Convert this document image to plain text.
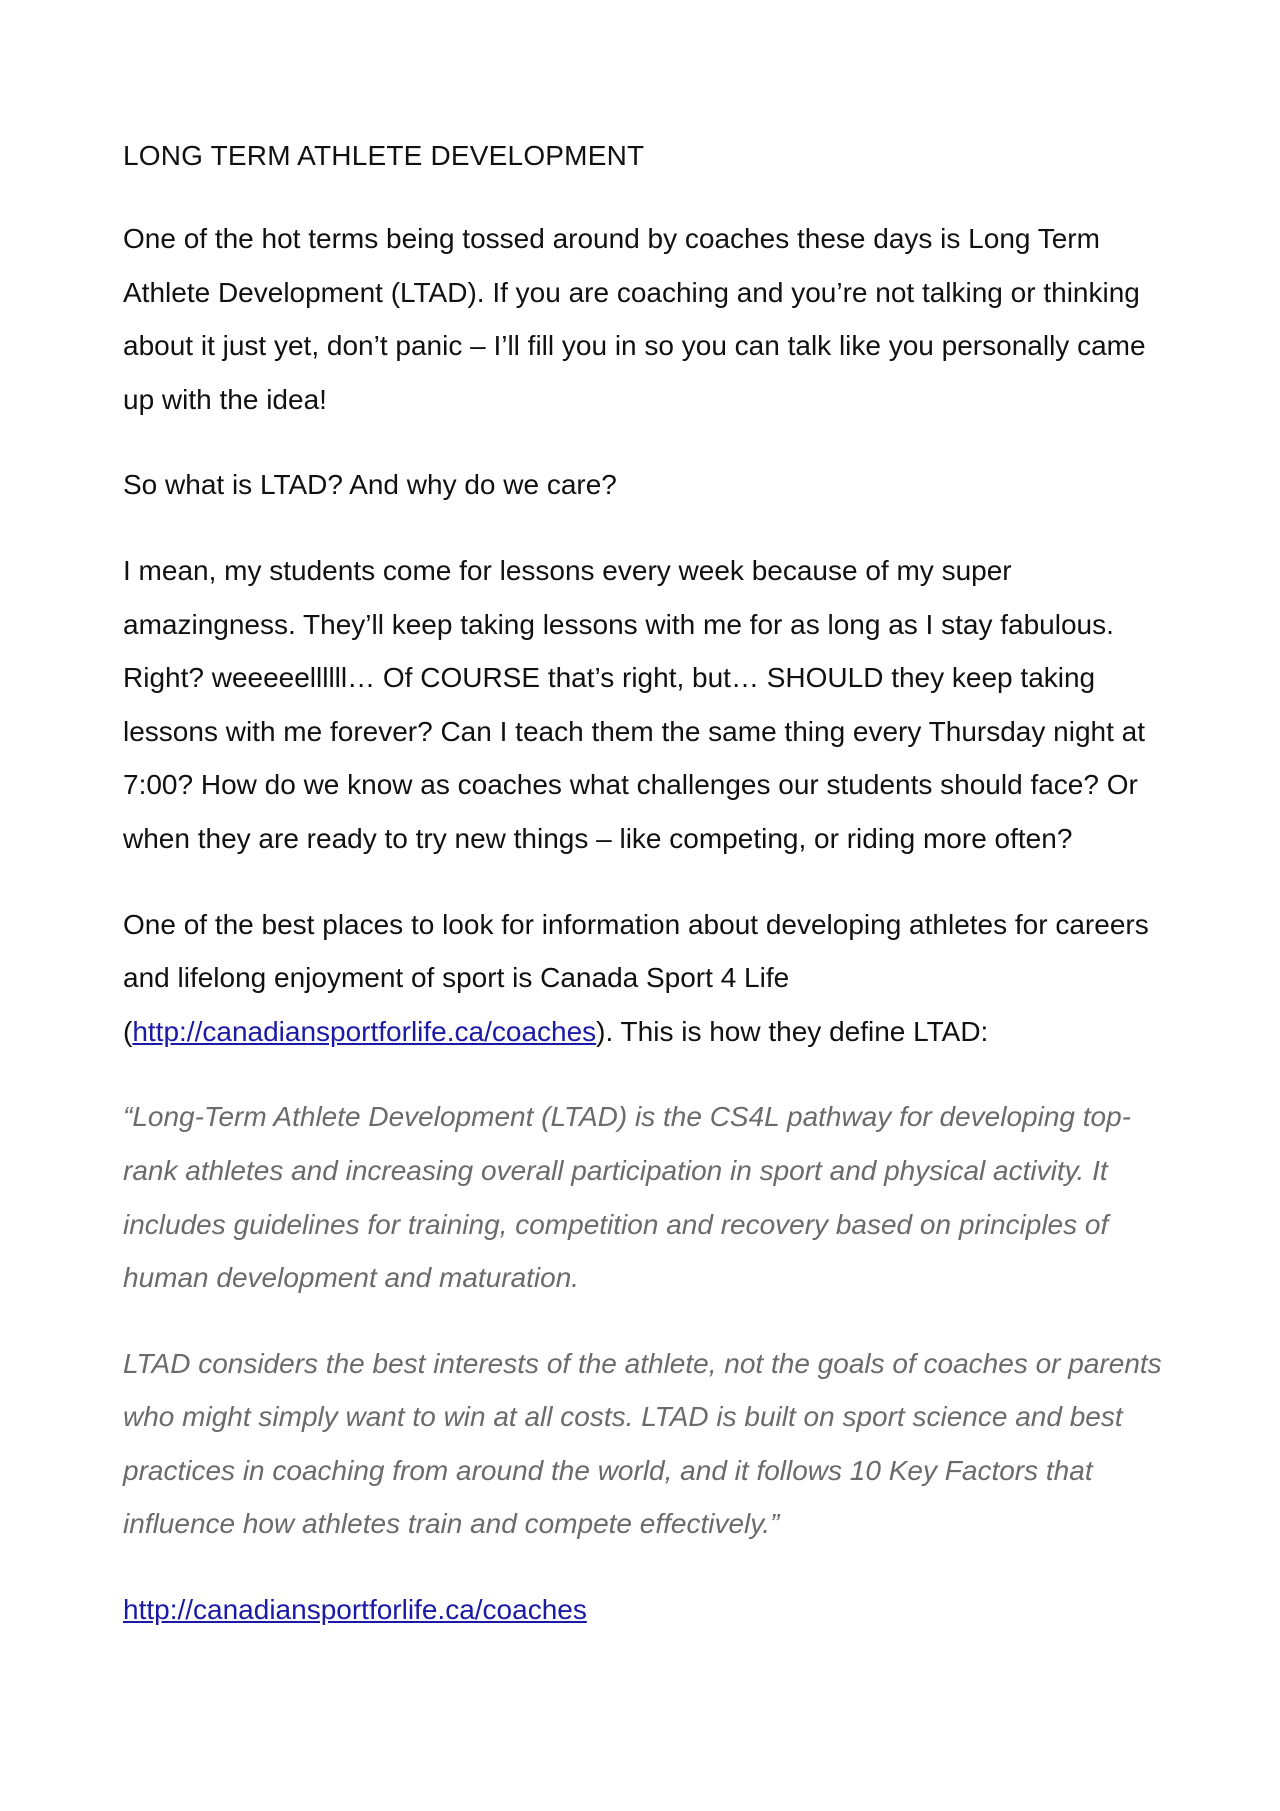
LONG TERM ATHLETE DEVELOPMENT

One of the hot terms being tossed around by coaches these days is Long Term Athlete Development (LTAD). If you are coaching and you’re not talking or thinking about it just yet, don’t panic – I’ll fill you in so you can talk like you personally came up with the idea!

So what is LTAD? And why do we care?

I mean, my students come for lessons every week because of my super amazingness. They’ll keep taking lessons with me for as long as I stay fabulous. Right? weeeeellllll… Of COURSE that’s right, but… SHOULD they keep taking lessons with me forever? Can I teach them the same thing every Thursday night at 7:00? How do we know as coaches what challenges our students should face? Or when they are ready to try new things – like competing, or riding more often?

One of the best places to look for information about developing athletes for careers and lifelong enjoyment of sport is Canada Sport 4 Life (http://canadiansportforlife.ca/coaches). This is how they define LTAD:

“Long-Term Athlete Development (LTAD) is the CS4L pathway for developing top-rank athletes and increasing overall participation in sport and physical activity. It includes guidelines for training, competition and recovery based on principles of human development and maturation.

LTAD considers the best interests of the athlete, not the goals of coaches or parents who might simply want to win at all costs. LTAD is built on sport science and best practices in coaching from around the world, and it follows 10 Key Factors that influence how athletes train and compete effectively.”

http://canadiansportforlife.ca/coaches
